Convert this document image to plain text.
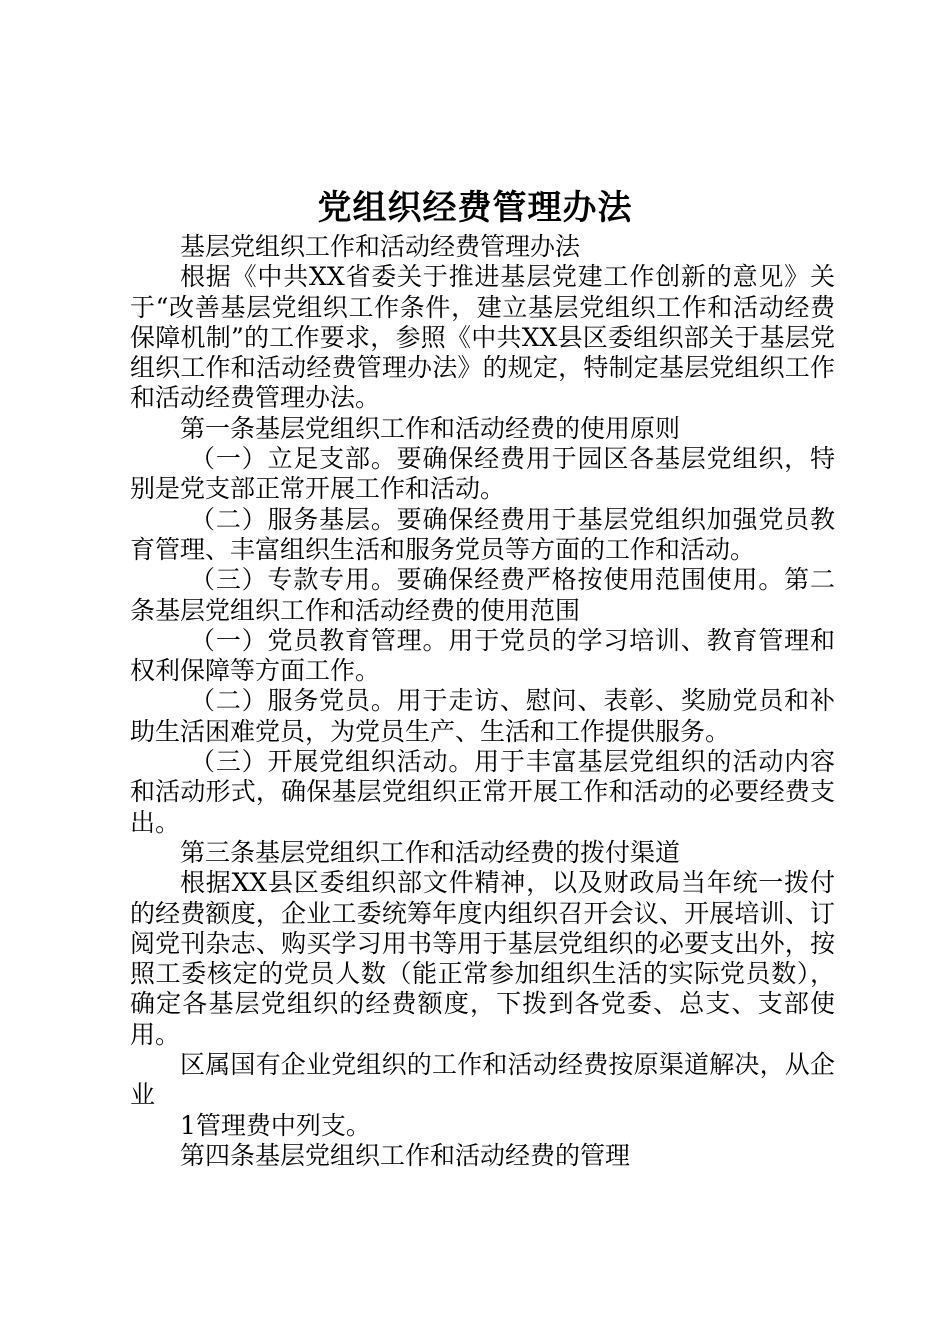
党组织经费管理办法

基层党组织工作和活动经费管理办法

根据《中共XX省委关于推进基层党建工作创新的意见》关于“改善基层党组织工作条件，建立基层党组织工作和活动经费保障机制”的工作要求，参照《中共XX县区委组织部关于基层党组织工作和活动经费管理办法》的规定，特制定基层党组织工作和活动经费管理办法。

第一条基层党组织工作和活动经费的使用原则

（一）立足支部。要确保经费用于园区各基层党组织，特别是党支部正常开展工作和活动。

（二）服务基层。要确保经费用于基层党组织加强党员教育管理、丰富组织生活和服务党员等方面的工作和活动。

（三）专款专用。要确保经费严格按使用范围使用。第二条基层党组织工作和活动经费的使用范围

（一）党员教育管理。用于党员的学习培训、教育管理和权利保障等方面工作。

（二）服务党员。用于走访、慰问、表彰、奖励党员和补助生活困难党员，为党员生产、生活和工作提供服务。

（三）开展党组织活动。用于丰富基层党组织的活动内容和活动形式，确保基层党组织正常开展工作和活动的必要经费支出。

第三条基层党组织工作和活动经费的拨付渠道

根据XX县区委组织部文件精神，以及财政局当年统一拨付的经费额度，企业工委统筹年度内组织召开会议、开展培训、订阅党刊杂志、购买学习用书等用于基层党组织的必要支出外，按照工委核定的党员人数（能正常参加组织生活的实际党员数），确定各基层党组织的经费额度，下拨到各党委、总支、支部使用。

区属国有企业党组织的工作和活动经费按原渠道解决，从企业

1管理费中列支。

第四条基层党组织工作和活动经费的管理
